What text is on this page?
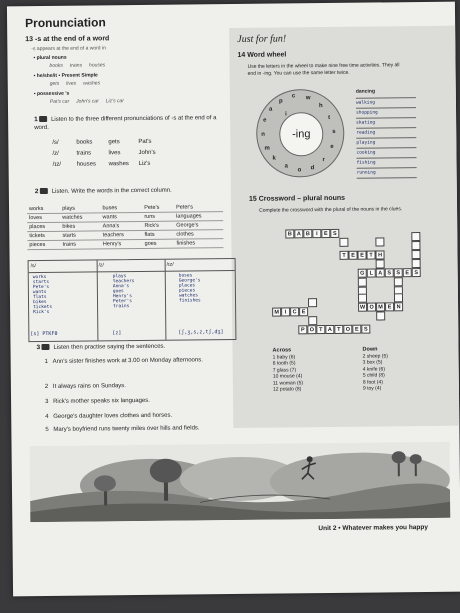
Pronunciation
13 -s at the end of a word
-s appears at the end of a word in
• plural nouns
books trains houses
• he/she/it • Present Simple
gets lives washes
• possessive 's
Pat's car John's car Liz's car
1 Listen to the three different pronunciations of -s at the end of a word.
/s/	books	gets	Pat's
/z/	trains	lives	John's
/ɪz/	houses washes Liz's
2 Listen. Write the words in the correct column.
works	plays	buses	Pete's	Peter's
loves	watches	wants	runs	languages
places	bikes	Anna's	Rick's	George's
tickets	starts	teachers	flats	clothes
pieces	trains	Henry's	goes	finishes
/s/
works
starts
Pete's
wants
flats
bikes
tickets
Rick's
/z/
plays
teachers
Anna's
goes
Henry's
Peter's
trains
/ɪz/
buses
George's
places
pieces
watches
finishes
[s] PTKFθ	[z]	[ʃ,ʒ,s,z,tʃ,dʒ]
3 Listen then practise saying the sentences.
1 Ann's sister finishes work at 3.00 on Monday afternoons.
2 It always rains on Sundays.
3 Rick's mother speaks six languages.
4 George's daughter loves clothes and horses.
5 Mary's boyfriend runs twenty miles over hills and fields.
Just for fun!
14 Word wheel
Use the letters in the wheel to make nine free time activities. They all end in -ing. You can use the same letter twice.
-ing
c w
h
t
s
e
r
d
o
a
k
m
n
e
a
p
i
dancing
walking
shopping
skating
reading
playing
cooking
fishing
running
15 Crossword – plural nouns
Complete the crossword with the plural of the nouns in the clues.
B A B	I	E S
T E E T H
G L A S S E S
W O M E N
M	I	C E
P O T A T O E S
Across
1 baby (6)
6 tooth (5)
7 glass (7)
10 mouse (4)
11 woman (5)
12 potato (8)
Down
2 sheep (5)
3 box (5)
4 knife (6)
5 child (8)
8 foot (4)
9 toy (4)
Unit 2 • Whatever makes you happy
